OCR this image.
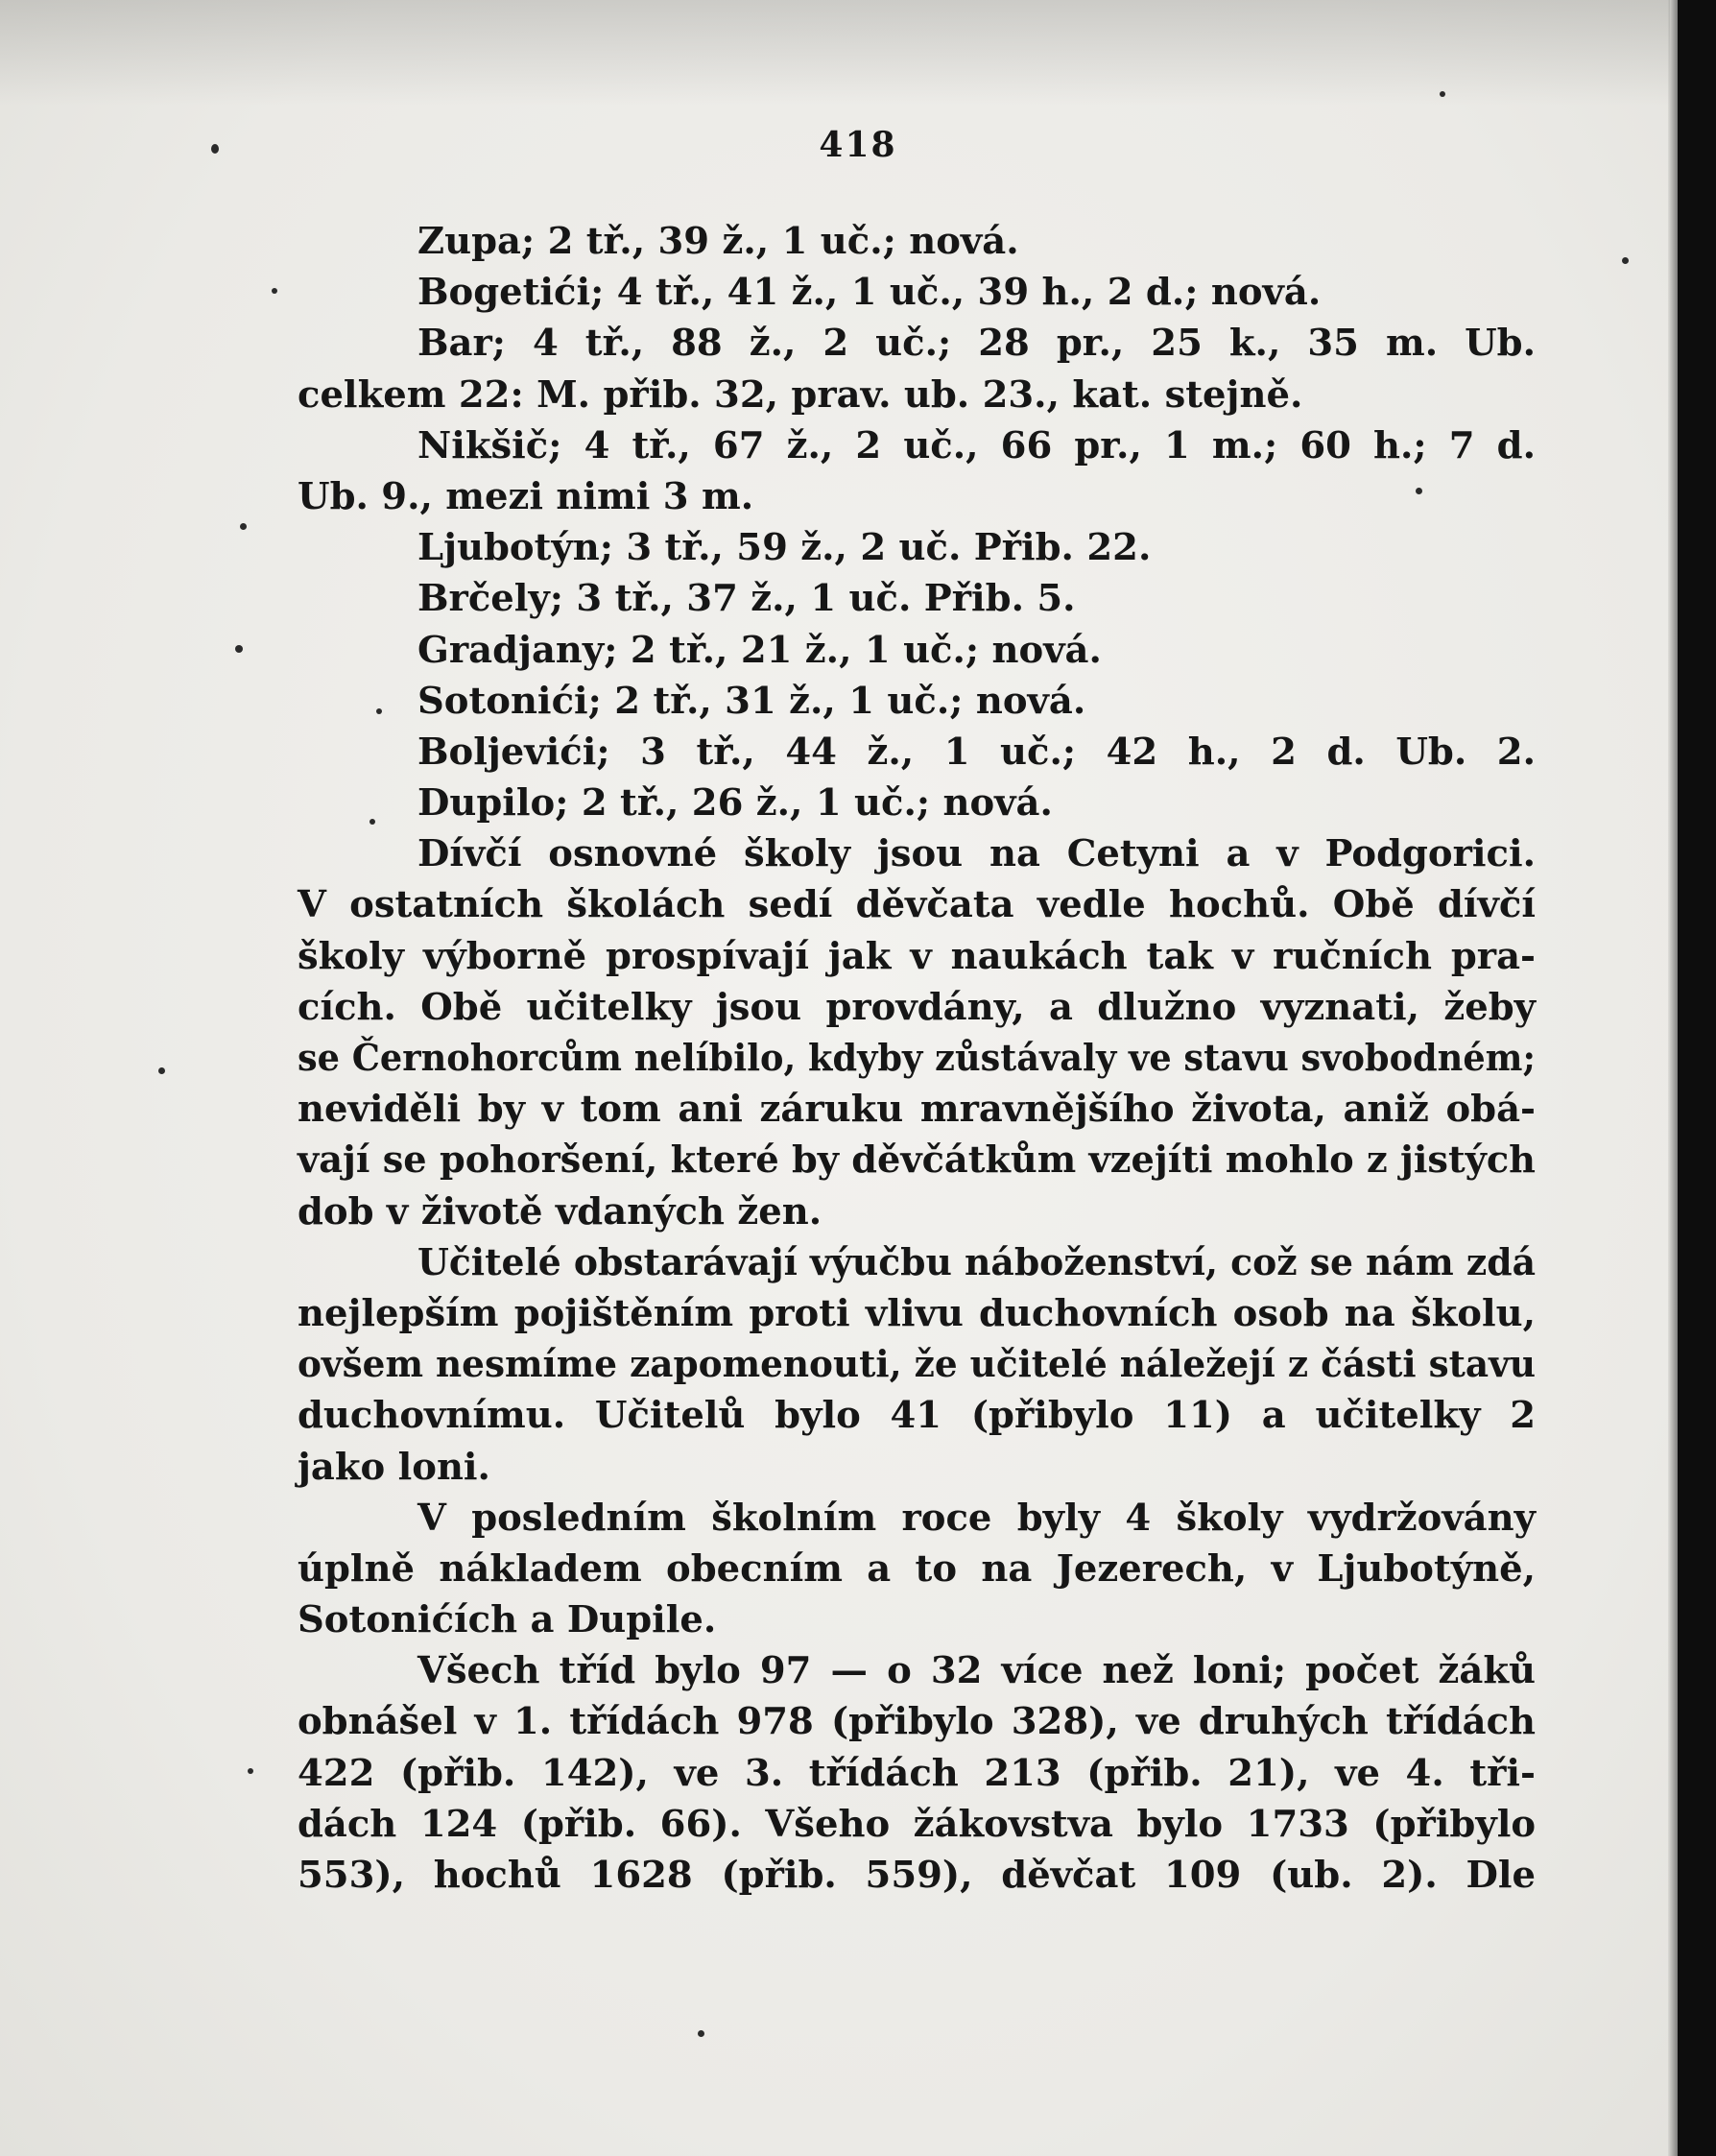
418
Zupa; 2 tř., 39 ž., 1 uč.; nová.
Bogetići; 4 tř., 41 ž., 1 uč., 39 h., 2 d.; nová.
Bar; 4 tř., 88 ž., 2 uč.; 28 pr., 25 k., 35 m. Ub.
celkem 22: M. přib. 32, prav. ub. 23., kat. stejně.
Nikšič; 4 tř., 67 ž., 2 uč., 66 pr., 1 m.; 60 h.; 7 d.
Ub. 9., mezi nimi 3 m.
Ljubotýn; 3 tř., 59 ž., 2 uč. Přib. 22.
Brčely; 3 tř., 37 ž., 1 uč. Přib. 5.
Gradjany; 2 tř., 21 ž., 1 uč.; nová.
Sotonići; 2 tř., 31 ž., 1 uč.; nová.
Boljevići; 3 tř., 44 ž., 1 uč.; 42 h., 2 d. Ub. 2.
Dupilo; 2 tř., 26 ž., 1 uč.; nová.
Dívčí osnovné školy jsou na Cetyni a v Podgorici.
V ostatních školách sedí děvčata vedle hochů. Obě dívčí
školy výborně prospívají jak v naukách tak v ručních pra-
cích. Obě učitelky jsou provdány, a dlužno vyznati, žeby
se Černohorcům nelíbilo, kdyby zůstávaly ve stavu svobodném;
neviděli by v tom ani záruku mravnějšího života, aniž obá-
vají se pohoršení, které by děvčátkům vzejíti mohlo z jistých
dob v životě vdaných žen.
Učitelé obstarávají výučbu náboženství, což se nám zdá
nejlepším pojištěním proti vlivu duchovních osob na školu,
ovšem nesmíme zapomenouti, že učitelé náležejí z části stavu
duchovnímu. Učitelů bylo 41 (přibylo 11) a učitelky 2
jako loni.
V posledním školním roce byly 4 školy vydržovány
úplně nákladem obecním a to na Jezerech, v Ljubotýně,
Sotonićích a Dupile.
Všech tříd bylo 97 — o 32 více než loni; počet žáků
obnášel v 1. třídách 978 (přibylo 328), ve druhých třídách
422 (přib. 142), ve 3. třídách 213 (přib. 21), ve 4. tři-
dách 124 (přib. 66). Všeho žákovstva bylo 1733 (přibylo
553), hochů 1628 (přib. 559), děvčat 109 (ub. 2). Dle
